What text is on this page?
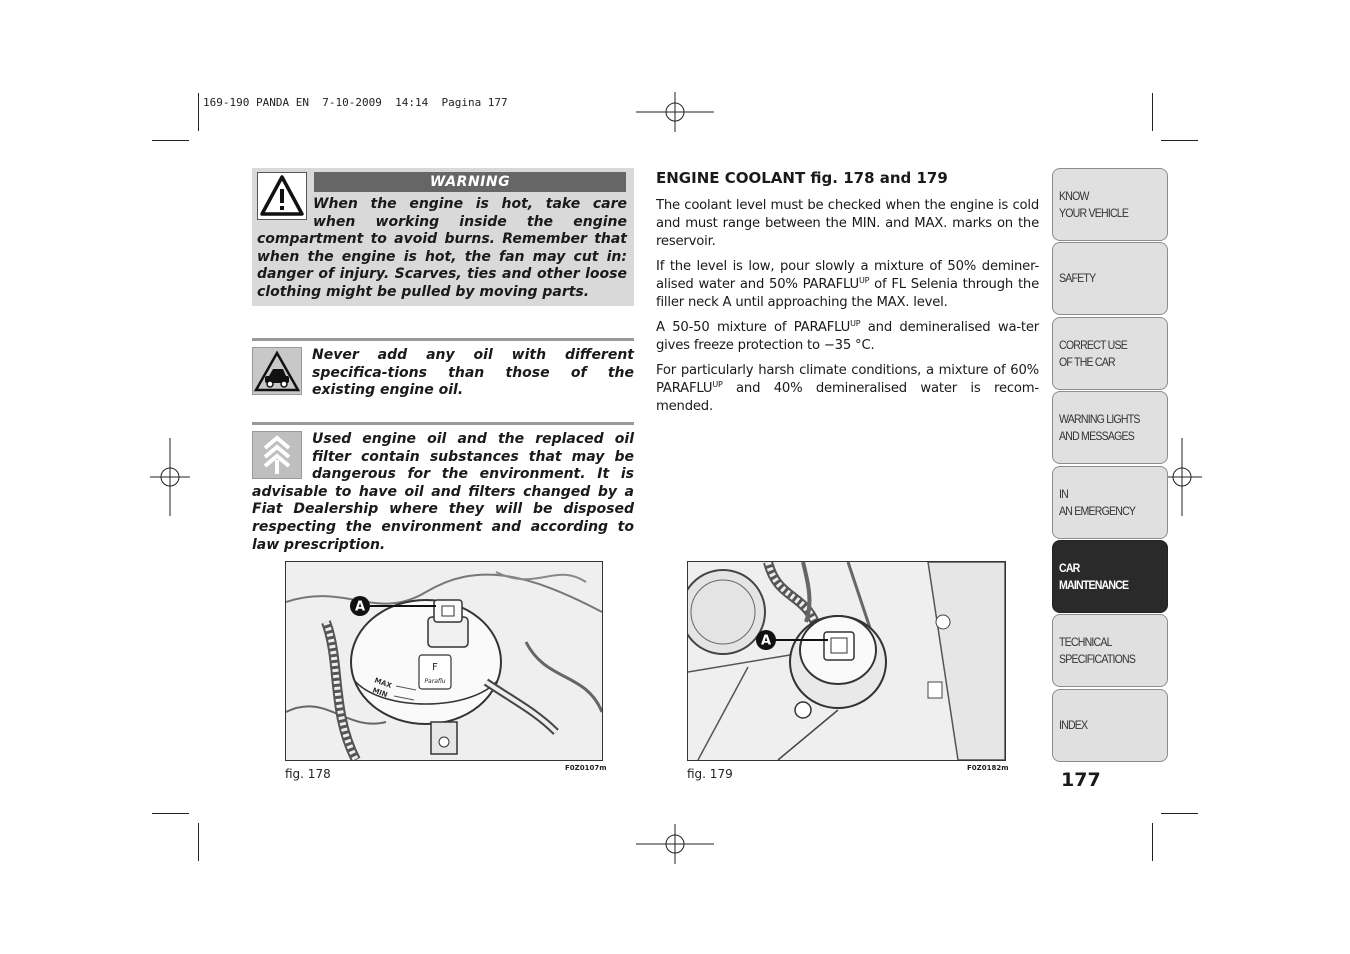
169-190 PANDA EN 7-10-2009 14:14 Pagina 177
WARNING
When the engine is hot, take care when working inside the engine compartment to avoid burns. Remember that when the engine is hot, the fan may cut in: danger of injury. Scarves, ties and other loose clothing might be pulled by moving parts.
Never add any oil with different specifica-tions than those of the existing engine oil.
Used engine oil and the replaced oil filter contain substances that may be dangerous for the environment. It is advisable to have oil and filters changed by a Fiat Dealership where they will be disposed respecting the environment and according to law prescription.
ENGINE COOLANT fig. 178 and 179

The coolant level must be checked when the engine is cold and must range between the MIN. and MAX. marks on the reservoir.

If the level is low, pour slowly a mixture of 50% deminer-alised water and 50% $PARAFLU^{UP}$ of FL Selenia through the filler neck A until approaching the MAX. level.

A 50-50 mixture of $PARAFLU^{UP}$ and demineralised wa-ter gives freeze protection to −35 °C.

For particularly harsh climate conditions, a mixture of 60% $PARAFLU^{UP}$ and 40% demineralised water is recom-mended.

F
Paraflu
MAX
MIN
A
fig. 178	F0Z0107m
A
fig. 179	F0Z0182m
KNOW
YOUR VEHICLE
SAFETY
CORRECT USE
OF THE CAR
WARNING LIGHTS
AND MESSAGES
IN
AN EMERGENCY
CAR
MAINTENANCE
TECHNICAL
SPECIFICATIONS
INDEX
177
